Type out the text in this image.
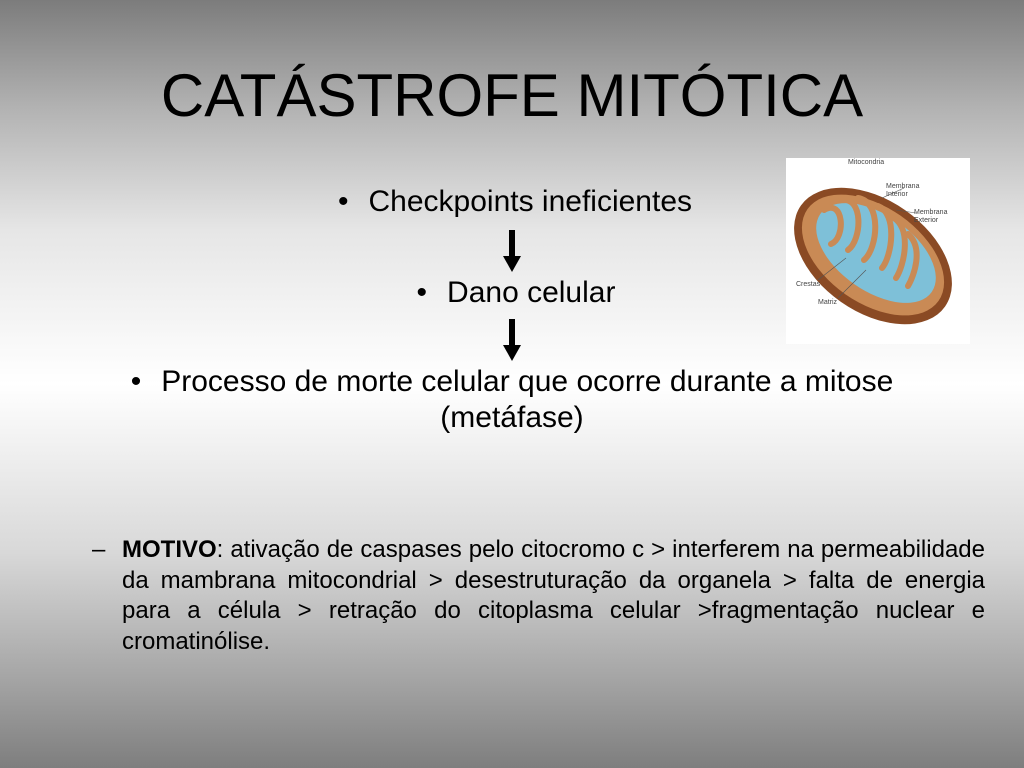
CATÁSTROFE MITÓTICA
• Checkpoints ineficientes
• Dano celular
• Processo de morte celular que ocorre durante a mitose (metáfase)
– MOTIVO: ativação de caspases pelo citocromo c > interferem na permeabilidade da mambrana mitocondrial > desestruturação da organela > falta de energia para a célula > retração do citoplasma celular >fragmentação nuclear e cromatinólise.
Mitocondria
Membrana
Interior
Membrana
Exterior
Crestas
Matriz
